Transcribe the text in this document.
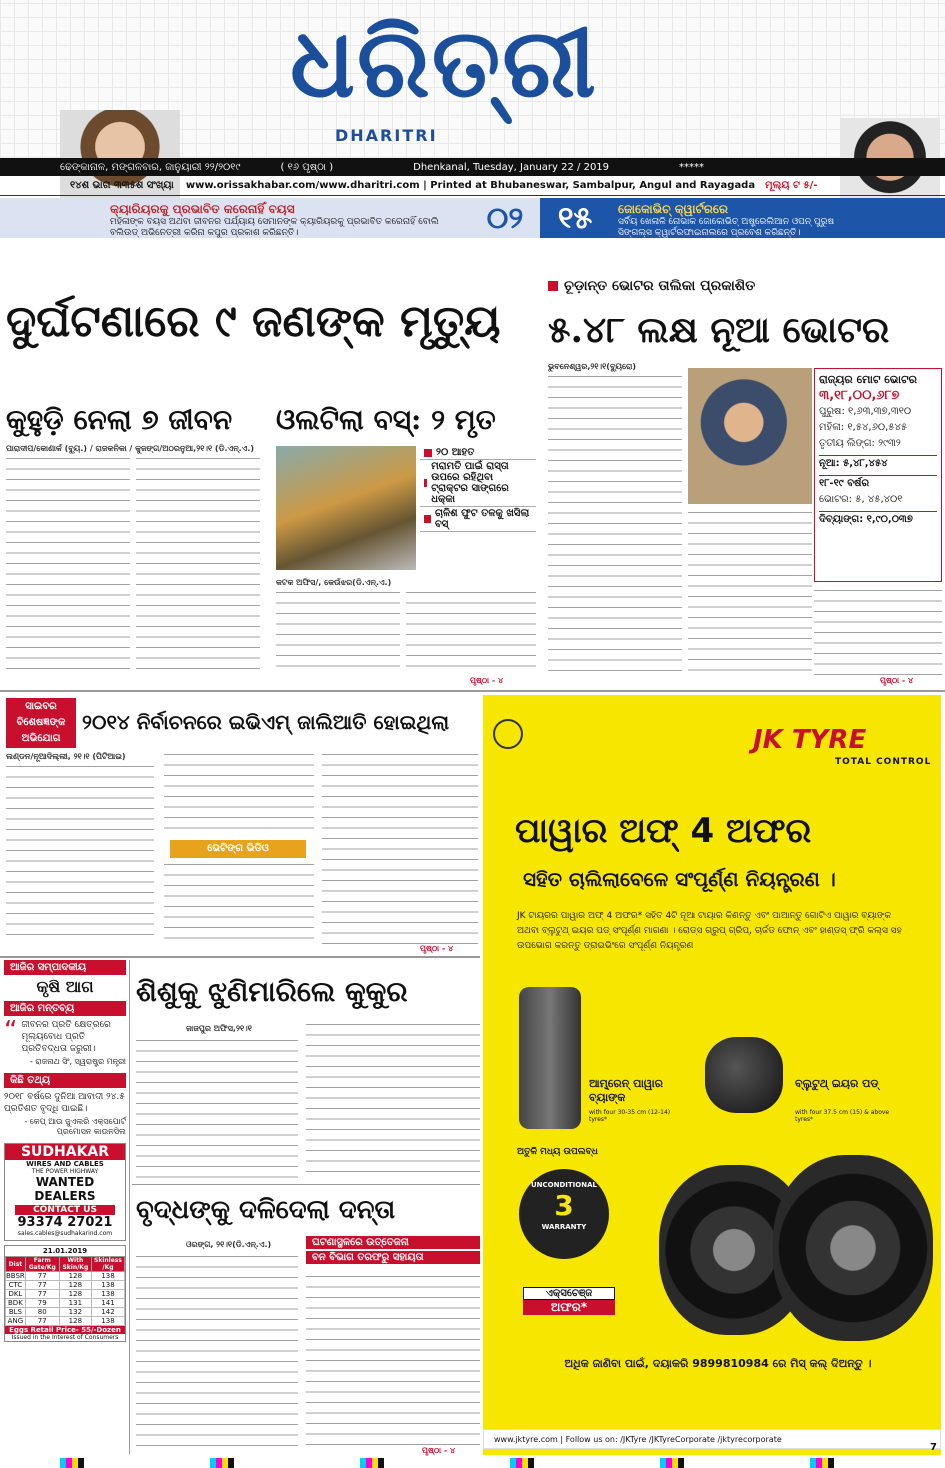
ଧରିତ୍ରୀ
DHARITRI
ଢେଙ୍କାନାଳ, ମଙ୍ଗଳବାର, ଜାନୁୟାରୀ ୨୨/୨୦୧୯	( ୧୬ ପୃଷ୍ଠା )	Dhenkanal, Tuesday, January 22 / 2019	*****
୧୪ଶ ଭାଗ ୩୩୫ଶ ସଂଖ୍ୟା www.orissakhabar.com/www.dharitri.com | Printed at Bhubaneswar, Sambalpur, Angul and Rayagada ମୂଲ୍ୟ ଟ ୫/-
କ୍ୟାରିୟରକୁ ପ୍ରଭାବିତ କରେନାହିଁ ବୟସ
ମହିଳାଙ୍କ ବୟସ ଅଥବା ଜୀବନର ପର୍ଯ୍ୟାୟ ସେମାନଙ୍କ କ୍ୟାରିୟରକୁ ପ୍ରଭାବିତ କରେନାହିଁ ବୋଲି ବଲିଉଡ୍ ଅଭିନେତ୍ରୀ କରିନା କପୁର ପ୍ରକାଶ କରିଛନ୍ତି।	୦୨	୧୫	ଜୋକୋଭିଚ୍ କ୍ୱାର୍ଟରରେ
ସର୍ବିୟ ଖେଳାଳି ନୋଭାକ ଜୋକୋଭିଚ୍ ଅଷ୍ଟ୍ରେଲିଆନ ଓପନ୍ ପୁରୁଷ ସିଙ୍ଗଲ୍ସ କ୍ୱାର୍ଟରଫାଇନାଲରେ ପ୍ରବେଶ କରିଛନ୍ତି।
ଦୁର୍ଘଟଣାରେ ୯ ଜଣଙ୍କ ମୃତ୍ୟୁ
କୁହୁଡ଼ି ନେଲା ୭ ଜୀବନ	ଓଲଟିଲା ବସ୍: ୨ ମୃତ
ପାରାଦୀପ/କୋଣାର୍କ (ବ୍ୟୁ.) / ରାଜକନିକା / କୁଜଙ୍ଗ/ଅଠରନୁଆ,୨୧।୧ (ଡି.ଏନ୍.ଏ.)	୨୦ ଆହତ
ମରାମତି ପାଇଁ ରାସ୍ତା ଉପରେ ରହିଥିବା ଟ୍ରାକ୍ଟର ସାଙ୍ଗରେ ଧକ୍କା
ଚାଳିଶ ଫୁଟ ତଳକୁ ଖସିଲା ବସ୍
କଟକ ଅଫିସ/, କେଉଁଝର(ଡି.ଏନ୍.ଏ.)
ପୃଷ୍ଠା - ୪
ଚୂଡ଼ାନ୍ତ ଭୋଟର ତାଲିକା ପ୍ରକାଶିତ
୫.୪୮ ଲକ୍ଷ ନୂଆ ଭୋଟର
ଭୁବନେଶ୍ୱର,୨୧।୧(ବ୍ୟୁରୋ)
ରାଜ୍ୟର ମୋଟ ଭୋଟର
୩,୧୮,୦୦,୬୮୭
ପୁରୁଷ: ୧,୬୩,୩୭,୩୧୦
ମହିଳା: ୧,୫୪,୬୦,୫୪୫
ତୃତୀୟ ଲିଙ୍ଗ: ୨୯୩୨
ନୂଆ: ୫,୪୮,୪୫୪
୧୮-୧୯ ବର୍ଷର
ଭୋଟର: ୫, ୪୫,୪୦୧
ଦିବ୍ୟାଙ୍ଗ: ୧,୯୦,୦୩୭
ପୃଷ୍ଠା - ୪
ସାଇବର
ବିଶେଷଜ୍ଞଙ୍କ
ଅଭିଯୋଗ
୨୦୧୪ ନିର୍ବାଚନରେ ଇଭିଏମ୍ ଜାଲିଆତି ହୋଇଥିଲା
ଲଣ୍ଡନ/ନୂଆଦିଲ୍ଲୀ, ୨୧।୧ (ପିଟିଆଇ)
ଭେଟିଙ୍ଗ ଭିଡିଓ
ପୃଷ୍ଠା - ୪
ଆଜିର ସମ୍ପାଦକୀୟ
କୃଷି ଆଗ
ଆଜିର ମନ୍ତବ୍ୟ
“ ଜୀବନର ପ୍ରତି କ୍ଷେତ୍ରରେ ମୂଲ୍ୟବୋଧ ପ୍ରତି ପ୍ରତିବଦ୍ଧତା ଜରୁରୀ।
- ରାଜନାଥ ସିଂ, ସ୍ୱରାଷ୍ଟ୍ର ମନ୍ତ୍ରୀ
କିଛି ତଥ୍ୟ
୨୦୧୮ ବର୍ଷରେ ଦୁନିଆ ଆବାଦୀ ୨୪.୫ ପ୍ରତିଶତ ବୃଦ୍ଧି ପାଇଛି।
- କେପ୍ ଆଉ ଜୁଏଲରି ଏକ୍ସପୋର୍ଟ ପ୍ରମୋସନ କାଉନସିଲ
SUDHAKAR
WIRES AND CABLES
THE POWER HIGHWAY
WANTED
DEALERS
CONTACT US
93374 27021
sales.cables@sudhakarind.com
21.01.2019
Dist	Farm Gate/Kg	With Skin/Kg	Skinless /Kg
BBSR	77	128	138
CTC	77	128	138
DKL	77	128	138
BDK	79	131	141
BLS	80	132	142
ANG	77	128	138
Eggs Retail Price- 55/-Dozen
Issued in the Interest of Consumers
ଶିଶୁକୁ ଝୁଣିମାରିଲେ କୁକୁର
ଜାଜପୁର ଅଫିସ,୨୧।୧
ବୃଦ୍ଧଙ୍କୁ ଦଳିଦେଲା ଦନ୍ତା
ଓରଙ୍ଗ, ୨୧।୧(ଡି.ଏନ୍.ଏ.)	ଘଟଣାସ୍ଥଳରେ ଉତ୍ତେଜନା
ବନ ବିଭାଗ ତରଫରୁ ସହାୟତା
ପୃଷ୍ଠା - ୪
JK TYRE
TOTAL CONTROL
ପାୱାର ଅଫ୍ 4 ଅଫର
ସହିତ ଚାଲିଲାବେଳେ ସଂପୂର୍ଣ୍ଣ ନିୟନ୍ତ୍ରଣ ।
JK ଟାୟରର ପାୱାର ଅଫ୍ 4 ଅଫର* ସହିତ 4ଟି ନୂଆ ଟାୟାର କିଣନ୍ତୁ ଏବଂ ପାଆନ୍ତୁ ଗୋଟିଏ ପାୱାର ବ୍ୟାଙ୍କ ଅଥବା ବ୍ଲୁଟୁଥ୍ ଇୟର ପଡ୍ ସଂପୂର୍ଣ୍ଣ ମାଗଣା । ରୋଡ୍ସ ଗ୍ରୁପ୍ ଗ୍ରିପ୍, ଚାର୍ଜଡ ଫୋନ୍ ଏବଂ ହାଣ୍ଡସ୍ ଫ୍ରି କଲ୍ସ ସହ ଉପଭୋଗ କରନ୍ତୁ ଡ୍ରାଇଭିଂରେ ସଂପୂର୍ଣ୍ଣ ନିୟନ୍ତ୍ରଣ
ଆମ୍ବ୍ରେନ୍ ପାୱାର ବ୍ୟାଙ୍କ
with four 30-35 cm (12-14) tyres*
ବ୍ଲୁଟୁଥ୍ ଇୟର ପଡ୍
with four 37.5 cm (15) & above tyres*
ଅତୁଳି ମଧ୍ୟ ଉପଲବ୍ଧ
UNCONDITIONAL
3
WARRANTY
ଏକ୍ସଚେଞ୍ଜ
ଅଫର*
ଅଧିକ ଜାଣିବା ପାଇଁ, ଦୟାକରି 9899810984 ରେ ମିସ୍ କଲ୍ ଦିଅନ୍ତୁ ।
www.jktyre.com | Follow us on: /JKTyre /JKTyreCorporate /jktyrecorporate
7
